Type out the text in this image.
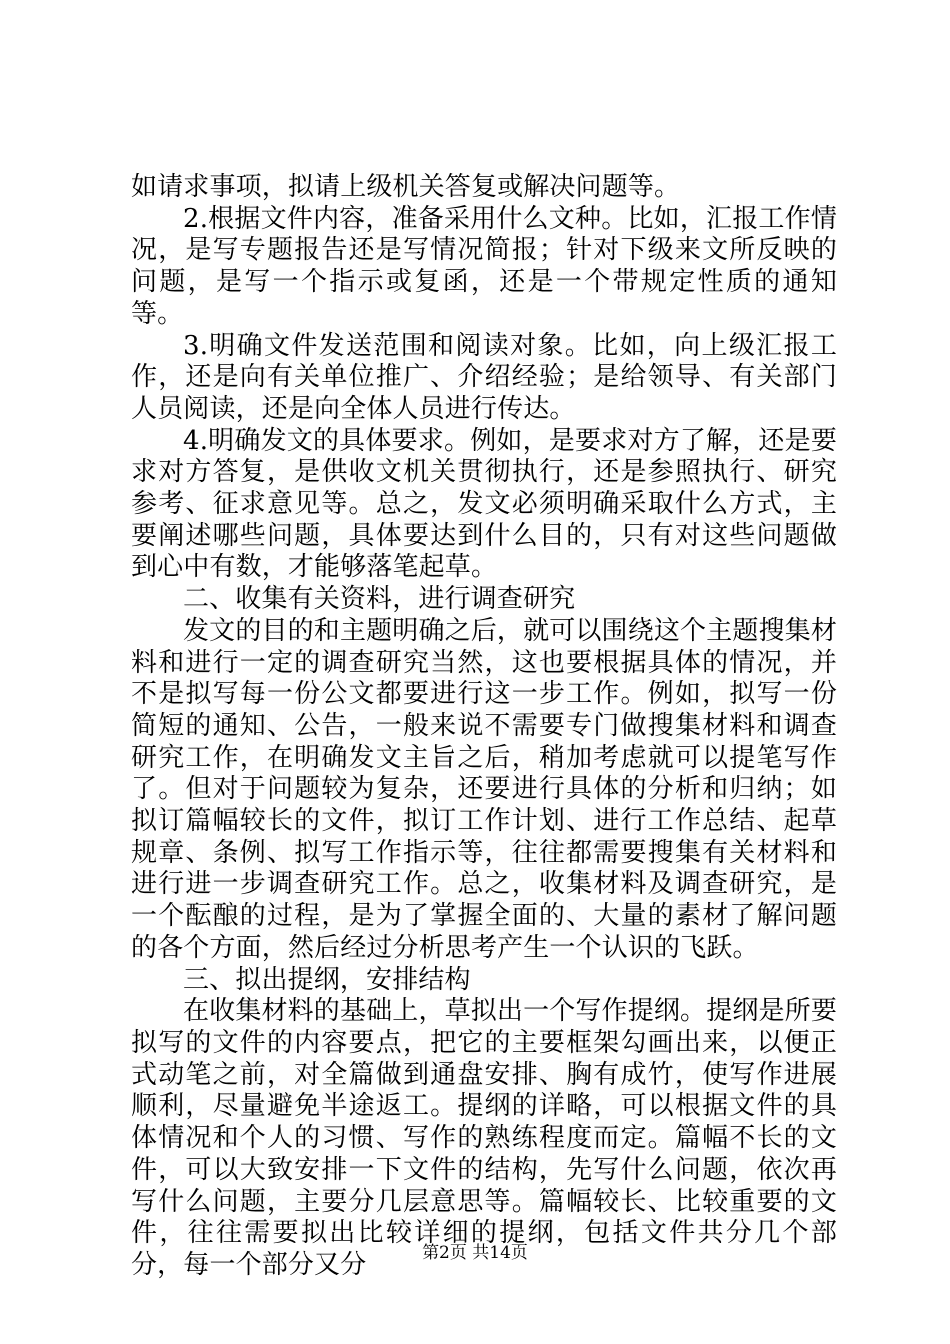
如请求事项，拟请上级机关答复或解决问题等。

2.根据文件内容，准备采用什么文种。比如，汇报工作情况，是写专题报告还是写情况简报；针对下级来文所反映的问题，是写一个指示或复函，还是一个带规定性质的通知等。

3.明确文件发送范围和阅读对象。比如，向上级汇报工作，还是向有关单位推广、介绍经验；是给领导、有关部门人员阅读，还是向全体人员进行传达。

4.明确发文的具体要求。例如，是要求对方了解，还是要求对方答复，是供收文机关贯彻执行，还是参照执行、研究参考、征求意见等。总之，发文必须明确采取什么方式，主要阐述哪些问题，具体要达到什么目的，只有对这些问题做到心中有数，才能够落笔起草。

二、收集有关资料，进行调查研究

发文的目的和主题明确之后，就可以围绕这个主题搜集材料和进行一定的调查研究当然，这也要根据具体的情况，并不是拟写每一份公文都要进行这一步工作。例如，拟写一份简短的通知、公告，一般来说不需要专门做搜集材料和调查研究工作，在明确发文主旨之后，稍加考虑就可以提笔写作了。但对于问题较为复杂，还要进行具体的分析和归纳；如拟订篇幅较长的文件，拟订工作计划、进行工作总结、起草规章、条例、拟写工作指示等，往往都需要搜集有关材料和进行进一步调查研究工作。总之，收集材料及调查研究，是一个酝酿的过程，是为了掌握全面的、大量的素材了解问题的各个方面，然后经过分析思考产生一个认识的飞跃。

三、拟出提纲，安排结构

在收集材料的基础上，草拟出一个写作提纲。提纲是所要拟写的文件的内容要点，把它的主要框架勾画出来，以便正式动笔之前，对全篇做到通盘安排、胸有成竹，使写作进展顺利，尽量避免半途返工。提纲的详略，可以根据文件的具体情况和个人的习惯、写作的熟练程度而定。篇幅不长的文件，可以大致安排一下文件的结构，先写什么问题，依次再写什么问题，主要分几层意思等。篇幅较长、比较重要的文件，往往需要拟出比较详细的提纲，包括文件共分几个部分，每一个部分又分	第2页 共14页
